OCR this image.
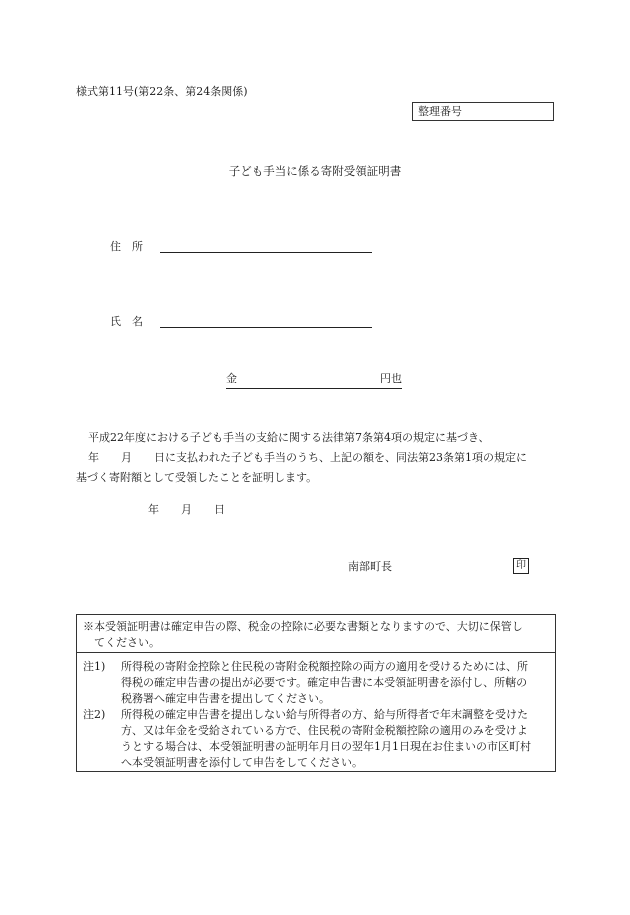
様式第11号(第22条、第24条関係)
整理番号
子ども手当に係る寄附受領証明書
住　所
氏　名
金	円也
平成22年度における子ども手当の支給に関する法律第7条第4項の規定に基づき、
年　　月　　日に支払われた子ども手当のうち、上記の額を、同法第23条第1項の規定に
基づく寄附額として受領したことを証明します。
年　　月　　日
南部町長	印
※本受領証明書は確定申告の際、税金の控除に必要な書類となりますので、大切に保管し
てください。
注1)	所得税の寄附金控除と住民税の寄附金税額控除の両方の適用を受けるためには、所
得税の確定申告書の提出が必要です。確定申告書に本受領証明書を添付し、所轄の
税務署へ確定申告書を提出してください。
注2)	所得税の確定申告書を提出しない給与所得者の方、給与所得者で年末調整を受けた
方、又は年金を受給されている方で、住民税の寄附金税額控除の適用のみを受けよ
うとする場合は、本受領証明書の証明年月日の翌年1月1日現在お住まいの市区町村
へ本受領証明書を添付して申告をしてください。
